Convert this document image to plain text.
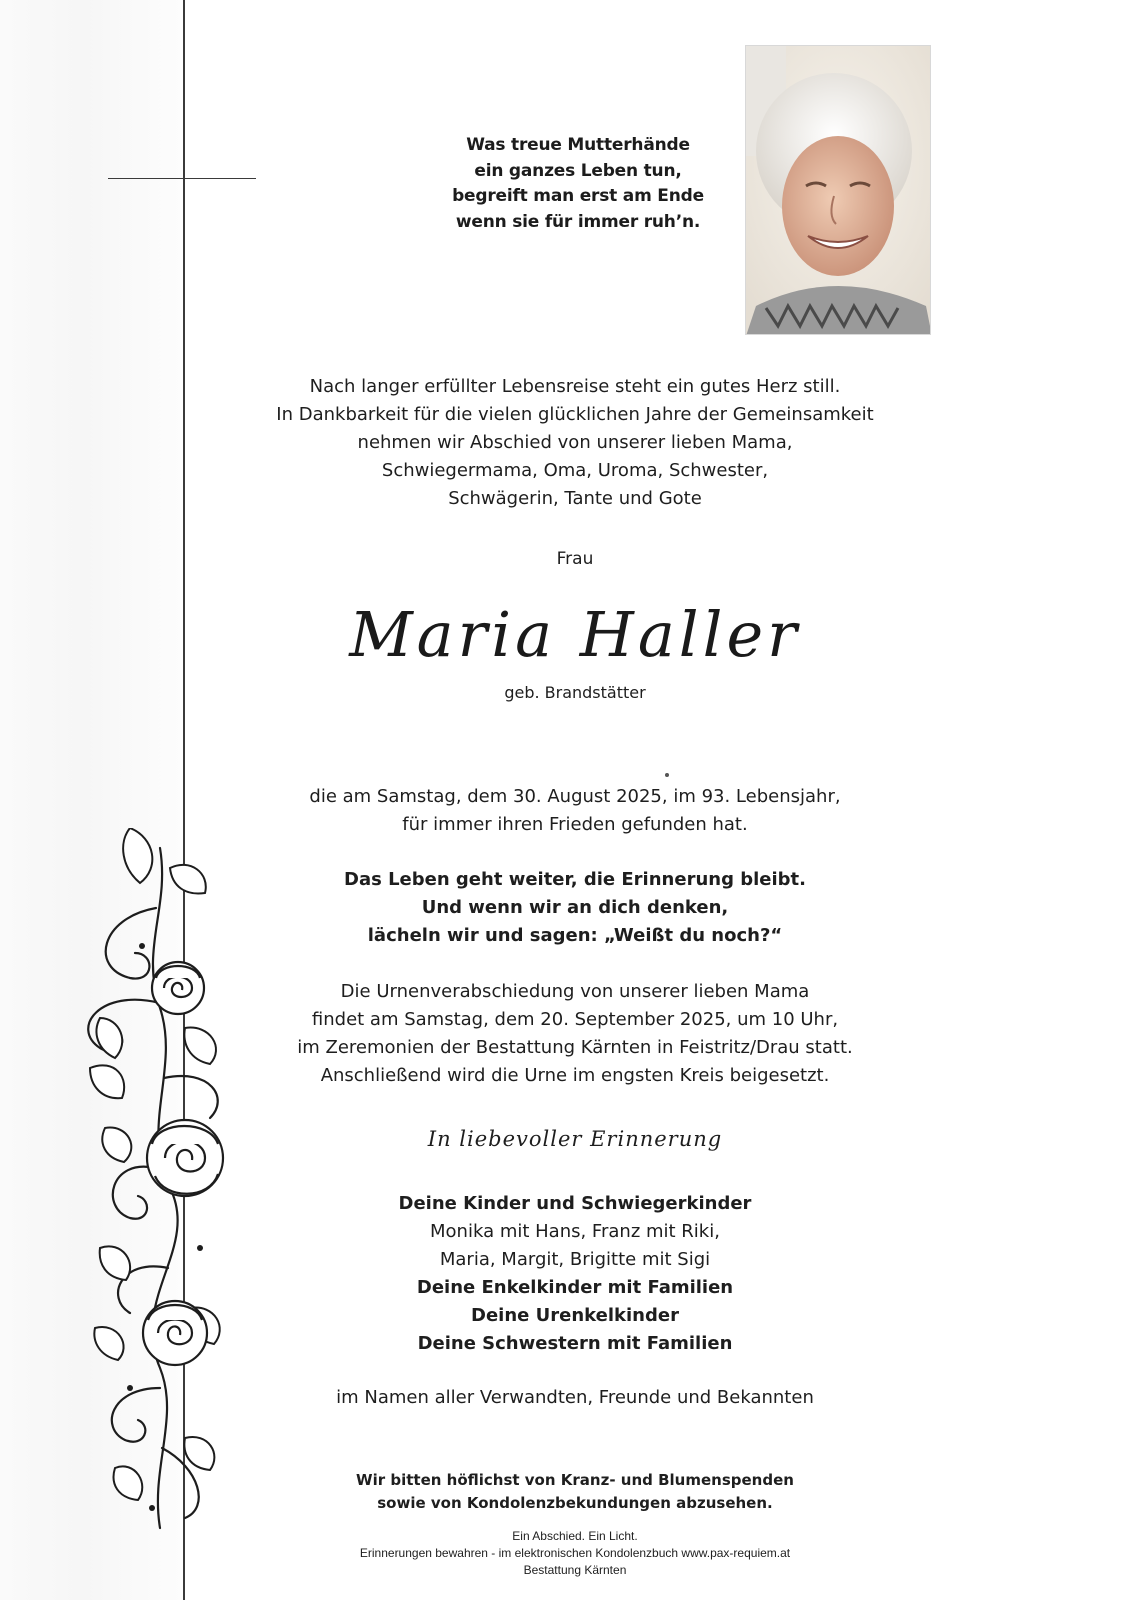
Was treue Mutterhände
ein ganzes Leben tun,
begreift man erst am Ende
wenn sie für immer ruh’n.
Nach langer erfüllter Lebensreise steht ein gutes Herz still.
In Dankbarkeit für die vielen glücklichen Jahre der Gemeinsamkeit
nehmen wir Abschied von unserer lieben Mama,
Schwiegermama, Oma, Uroma, Schwester,
Schwägerin, Tante und Gote
Frau
Maria Haller
geb. Brandstätter
die am Samstag, dem 30. August 2025, im 93. Lebensjahr,
für immer ihren Frieden gefunden hat.
Das Leben geht weiter, die Erinnerung bleibt.
Und wenn wir an dich denken,
lächeln wir und sagen: „Weißt du noch?“
Die Urnenverabschiedung von unserer lieben Mama
findet am Samstag, dem 20. September 2025, um 10 Uhr,
im Zeremonien der Bestattung Kärnten in Feistritz/Drau statt.
Anschließend wird die Urne im engsten Kreis beigesetzt.
In liebevoller Erinnerung
Deine Kinder und Schwiegerkinder
Monika mit Hans, Franz mit Riki,
Maria, Margit, Brigitte mit Sigi
Deine Enkelkinder mit Familien
Deine Urenkelkinder
Deine Schwestern mit Familien
im Namen aller Verwandten, Freunde und Bekannten
Wir bitten höflichst von Kranz- und Blumenspenden
sowie von Kondolenzbekundungen abzusehen.
Ein Abschied. Ein Licht.
Erinnerungen bewahren - im elektronischen Kondolenzbuch www.pax-requiem.at
Bestattung Kärnten
